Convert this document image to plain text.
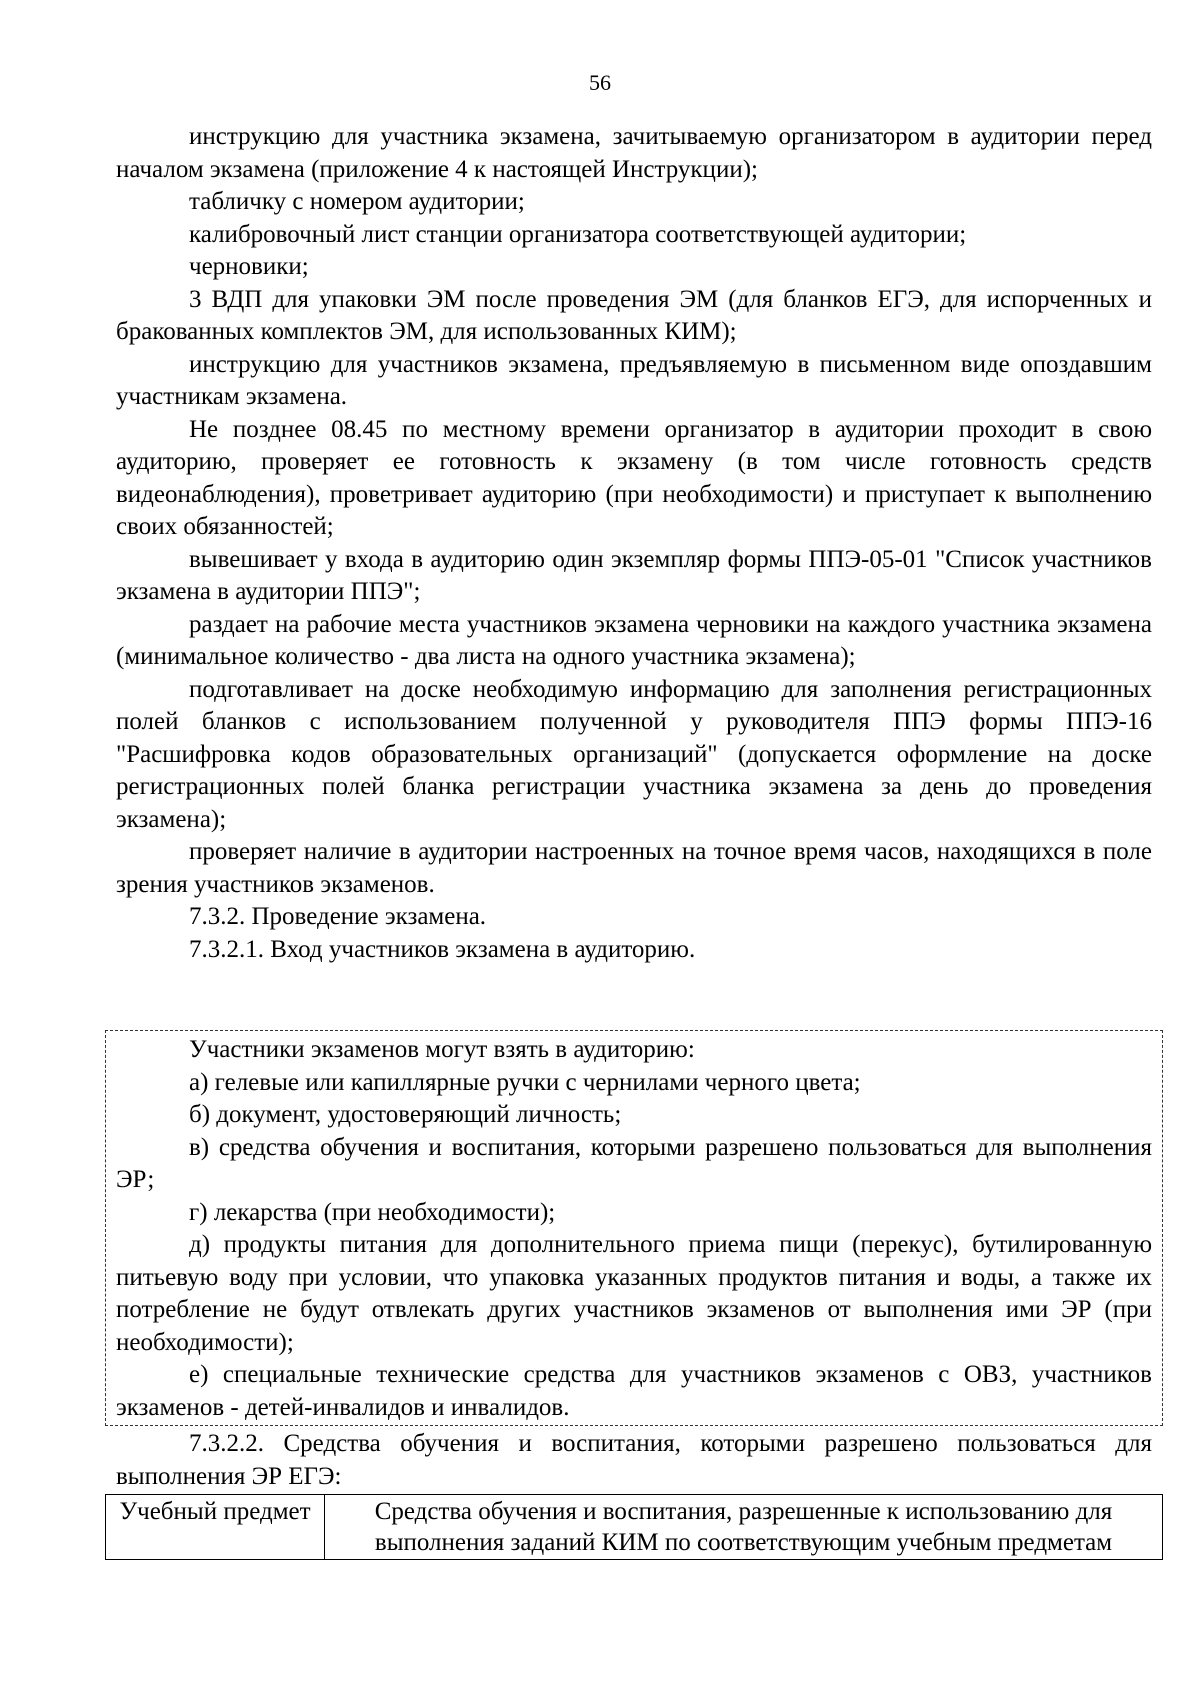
56

инструкцию для участника экзамена, зачитываемую организатором в аудитории перед началом экзамена (приложение 4 к настоящей Инструкции);

табличку с номером аудитории;

калибровочный лист станции организатора соответствующей аудитории;

черновики;

3 ВДП для упаковки ЭМ после проведения ЭМ (для бланков ЕГЭ, для испорченных и бракованных комплектов ЭМ, для использованных КИМ);

инструкцию для участников экзамена, предъявляемую в письменном виде опоздавшим участникам экзамена.

Не позднее 08.45 по местному времени организатор в аудитории проходит в свою аудиторию, проверяет ее готовность к экзамену (в том числе готовность средств видеонаблюдения), проветривает аудиторию (при необходимости) и приступает к выполнению своих обязанностей;

вывешивает у входа в аудиторию один экземпляр формы ППЭ-05-01 "Список участников экзамена в аудитории ППЭ";

раздает на рабочие места участников экзамена черновики на каждого участника экзамена (минимальное количество - два листа на одного участника экзамена);

подготавливает на доске необходимую информацию для заполнения регистрационных полей бланков с использованием полученной у руководителя ППЭ формы ППЭ-16 "Расшифровка кодов образовательных организаций" (допускается оформление на доске регистрационных полей бланка регистрации участника экзамена за день до проведения экзамена);

проверяет наличие в аудитории настроенных на точное время часов, находящихся в поле зрения участников экзаменов.

7.3.2. Проведение экзамена.

7.3.2.1. Вход участников экзамена в аудиторию.

Участники экзаменов могут взять в аудиторию:

а) гелевые или капиллярные ручки с чернилами черного цвета;

б) документ, удостоверяющий личность;

в) средства обучения и воспитания, которыми разрешено пользоваться для выполнения ЭР;

г) лекарства (при необходимости);

д) продукты питания для дополнительного приема пищи (перекус), бутилированную питьевую воду при условии, что упаковка указанных продуктов питания и воды, а также их потребление не будут отвлекать других участников экзаменов от выполнения ими ЭР (при необходимости);

е) специальные технические средства для участников экзаменов с ОВЗ, участников экзаменов - детей-инвалидов и инвалидов.

7.3.2.2. Средства обучения и воспитания, которыми разрешено пользоваться для выполнения ЭР ЕГЭ:

Учебный предмет	Средства обучения и воспитания, разрешенные к использованию для выполнения заданий КИМ по соответствующим учебным предметам
